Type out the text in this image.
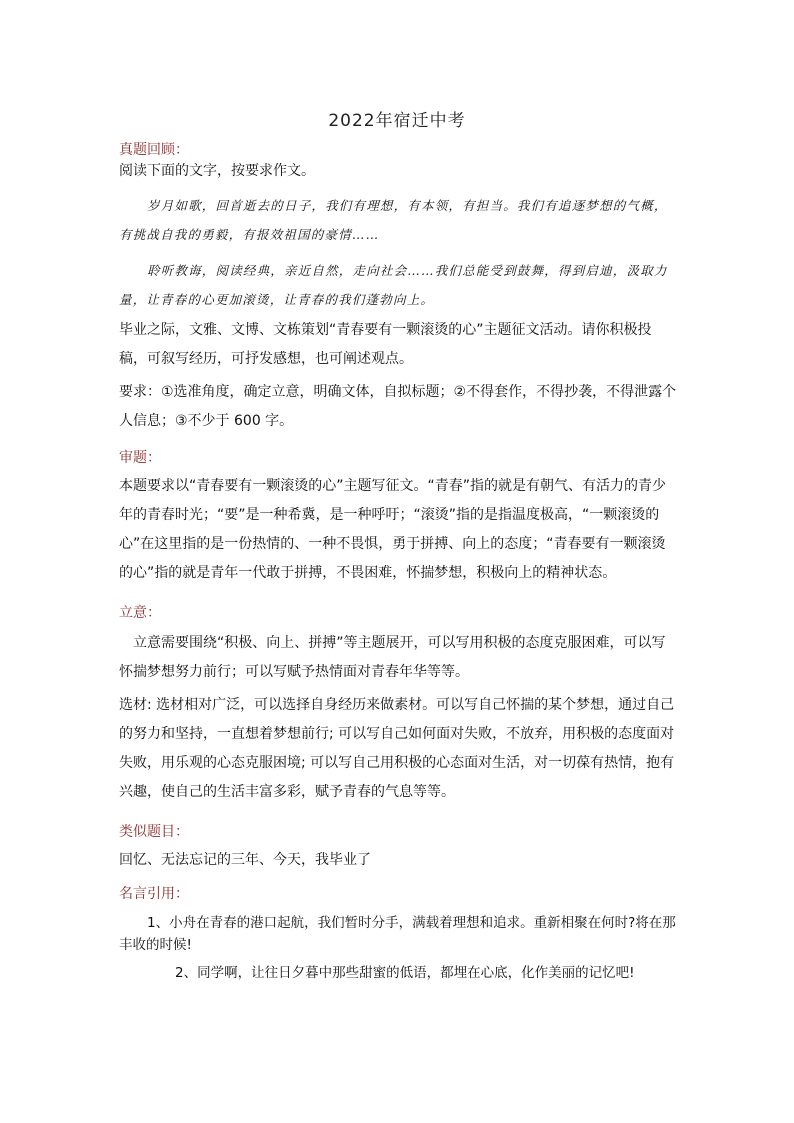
2022年宿迁中考
真题回顾：
阅读下面的文字，按要求作文。
岁月如歌，回首逝去的日子，我们有理想，有本领，有担当。我们有追逐梦想的气概，有挑战自我的勇毅，有报效祖国的豪情……
聆听教诲，阅读经典，亲近自然，走向社会……我们总能受到鼓舞，得到启迪，汲取力量，让青春的心更加滚烫，让青春的我们蓬勃向上。
毕业之际，文雅、文博、文栋策划“青春要有一颗滚烫的心”主题征文活动。请你积极投稿，可叙写经历，可抒发感想，也可阐述观点。
要求：①选准角度，确定立意，明确文体，自拟标题；②不得套作，不得抄袭，不得泄露个人信息；③不少于 600 字。
审题：
本题要求以“青春要有一颗滚烫的心”主题写征文。“青春”指的就是有朝气、有活力的青少年的青春时光；“要”是一种希冀，是一种呼吁；“滚烫”指的是指温度极高，“一颗滚烫的心”在这里指的是一份热情的、一种不畏惧，勇于拼搏、向上的态度；“青春要有一颗滚烫的心”指的就是青年一代敢于拼搏，不畏困难，怀揣梦想，积极向上的精神状态。
立意：
立意需要围绕“积极、向上、拼搏”等主题展开，可以写用积极的态度克服困难，可以写怀揣梦想努力前行；可以写赋予热情面对青春年华等等。
选材: 选材相对广泛，可以选择自身经历来做素材。可以写自己怀揣的某个梦想，通过自己的努力和坚持，一直想着梦想前行; 可以写自己如何面对失败，不放弃，用积极的态度面对失败，用乐观的心态克服困境; 可以写自己用积极的心态面对生活，对一切葆有热情，抱有兴趣，使自己的生活丰富多彩，赋予青春的气息等等。
类似题目：
回忆、无法忘记的三年、今天，我毕业了
名言引用：
1、小舟在青春的港口起航，我们暂时分手，满载着理想和追求。重新相聚在何时?将在那丰收的时候!
2、同学啊，让往日夕暮中那些甜蜜的低语，都埋在心底，化作美丽的记忆吧!
